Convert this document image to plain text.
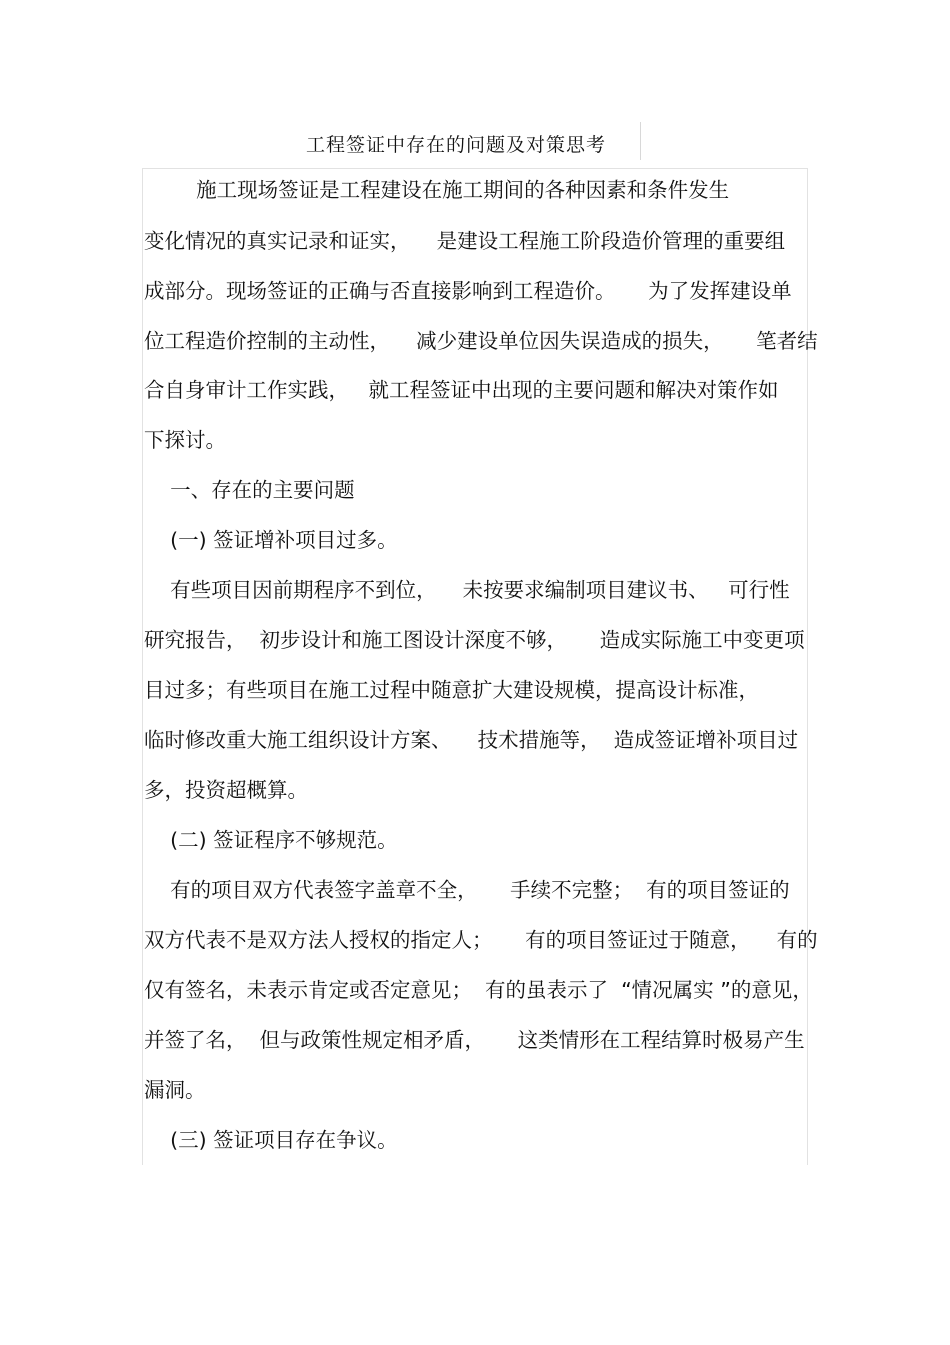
工程签证中存在的问题及对策思考
施工现场签证是工程建设在施工期间的各种因素和条件发生
变化情况的真实记录和证实，    是建设工程施工阶段造价管理的重要组
成部分。现场签证的正确与否直接影响到工程造价。     为了发挥建设单
位工程造价控制的主动性，    减少建设单位因失误造成的损失，     笔者结
合自身审计工作实践，   就工程签证中出现的主要问题和解决对策作如
下探讨。
一、存在的主要问题
(一) 签证增补项目过多。
有些项目因前期程序不到位，    未按要求编制项目建议书、   可行性
研究报告，  初步设计和施工图设计深度不够，     造成实际施工中变更项
目过多；有些项目在施工过程中随意扩大建设规模，提高设计标准，
临时修改重大施工组织设计方案、    技术措施等，  造成签证增补项目过
多，投资超概算。
(二) 签证程序不够规范。
有的项目双方代表签字盖章不全，     手续不完整；  有的项目签证的
双方代表不是双方法人授权的指定人；     有的项目签证过于随意，    有的
仅有签名，未表示肯定或否定意见；  有的虽表示了  “情况属实 ”的意见，
并签了名，  但与政策性规定相矛盾，     这类情形在工程结算时极易产生
漏洞。
(三) 签证项目存在争议。
